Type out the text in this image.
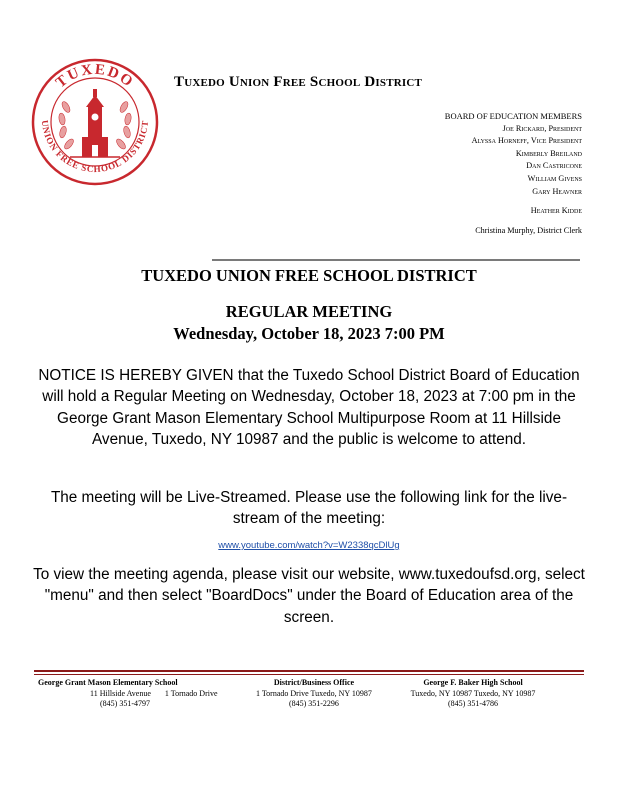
TUXEDO
UNION FREE SCHOOL DISTRICT
Tuxedo Union Free School District
BOARD OF EDUCATION MEMBERS
Joe Rickard, President
Alyssa Horneff, Vice President
Kimberly Breiland
Dan Castricone
William Givens
Gary Heavner
Heather Kidde
Christina Murphy, District Clerk
TUXEDO UNION FREE SCHOOL DISTRICT
REGULAR MEETING
Wednesday, October 18, 2023 7:00 PM
NOTICE IS HEREBY GIVEN that the Tuxedo School District Board of Education will hold a Regular Meeting on Wednesday, October 18, 2023 at 7:00 pm in the George Grant Mason Elementary School Multipurpose Room at 11 Hillside Avenue, Tuxedo, NY 10987 and the public is welcome to attend.
The meeting will be Live-Streamed. Please use the following link for the live-stream of the meeting:
www.youtube.com/watch?v=W2338qcDlUg
To view the meeting agenda, please visit our website, www.tuxedoufsd.org, select "menu" and then select "BoardDocs" under the Board of Education area of the screen.
George Grant Mason Elementary School
11 Hillside Avenue 1 Tornado Drive
(845) 351-4797
District/Business Office
1 Tornado Drive Tuxedo, NY 10987
(845) 351-2296
George F. Baker High School
Tuxedo, NY 10987 Tuxedo, NY 10987
(845) 351-4786
